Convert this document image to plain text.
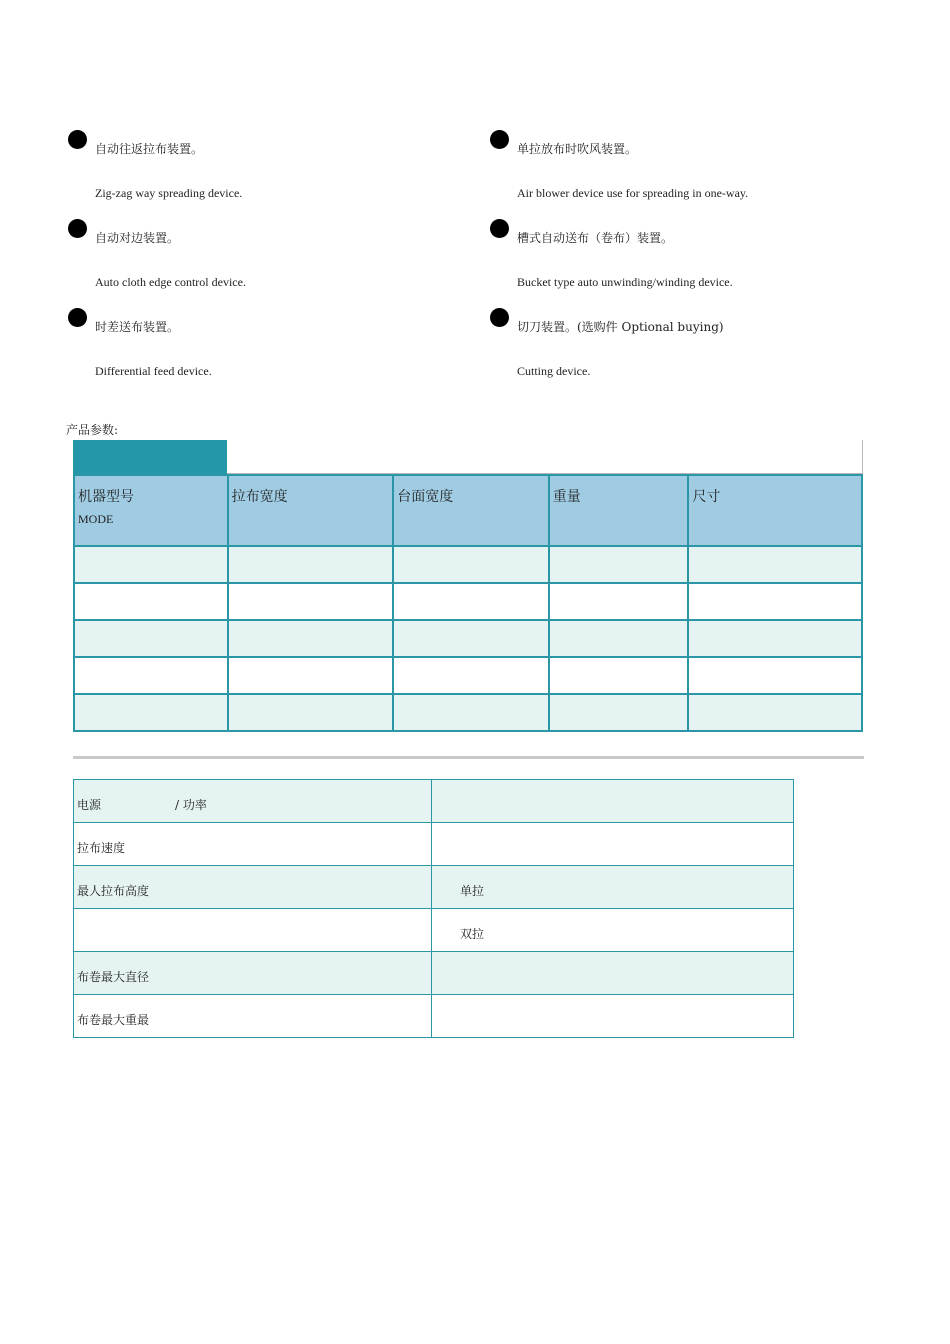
自动往返拉布装置。
Zig-zag way spreading device.
单拉放布时吹风装置。
Air blower device use for spreading in one-way.
自动对边装置。
Auto cloth edge control device.
槽式自动送布（卷布）装置。
Bucket type auto unwinding/winding device.
时差送布装置。
Differential feed device.
切刀装置。(选购件 Optional buying)
Cutting device.
产品参数:
机器型号
MODE	拉布宽度	台面宽度	重量	尺寸

电源 / 功率	
拉布速度	
最人拉布高度	单拉
	双拉
布卷最大直径	
布卷最大重最	
